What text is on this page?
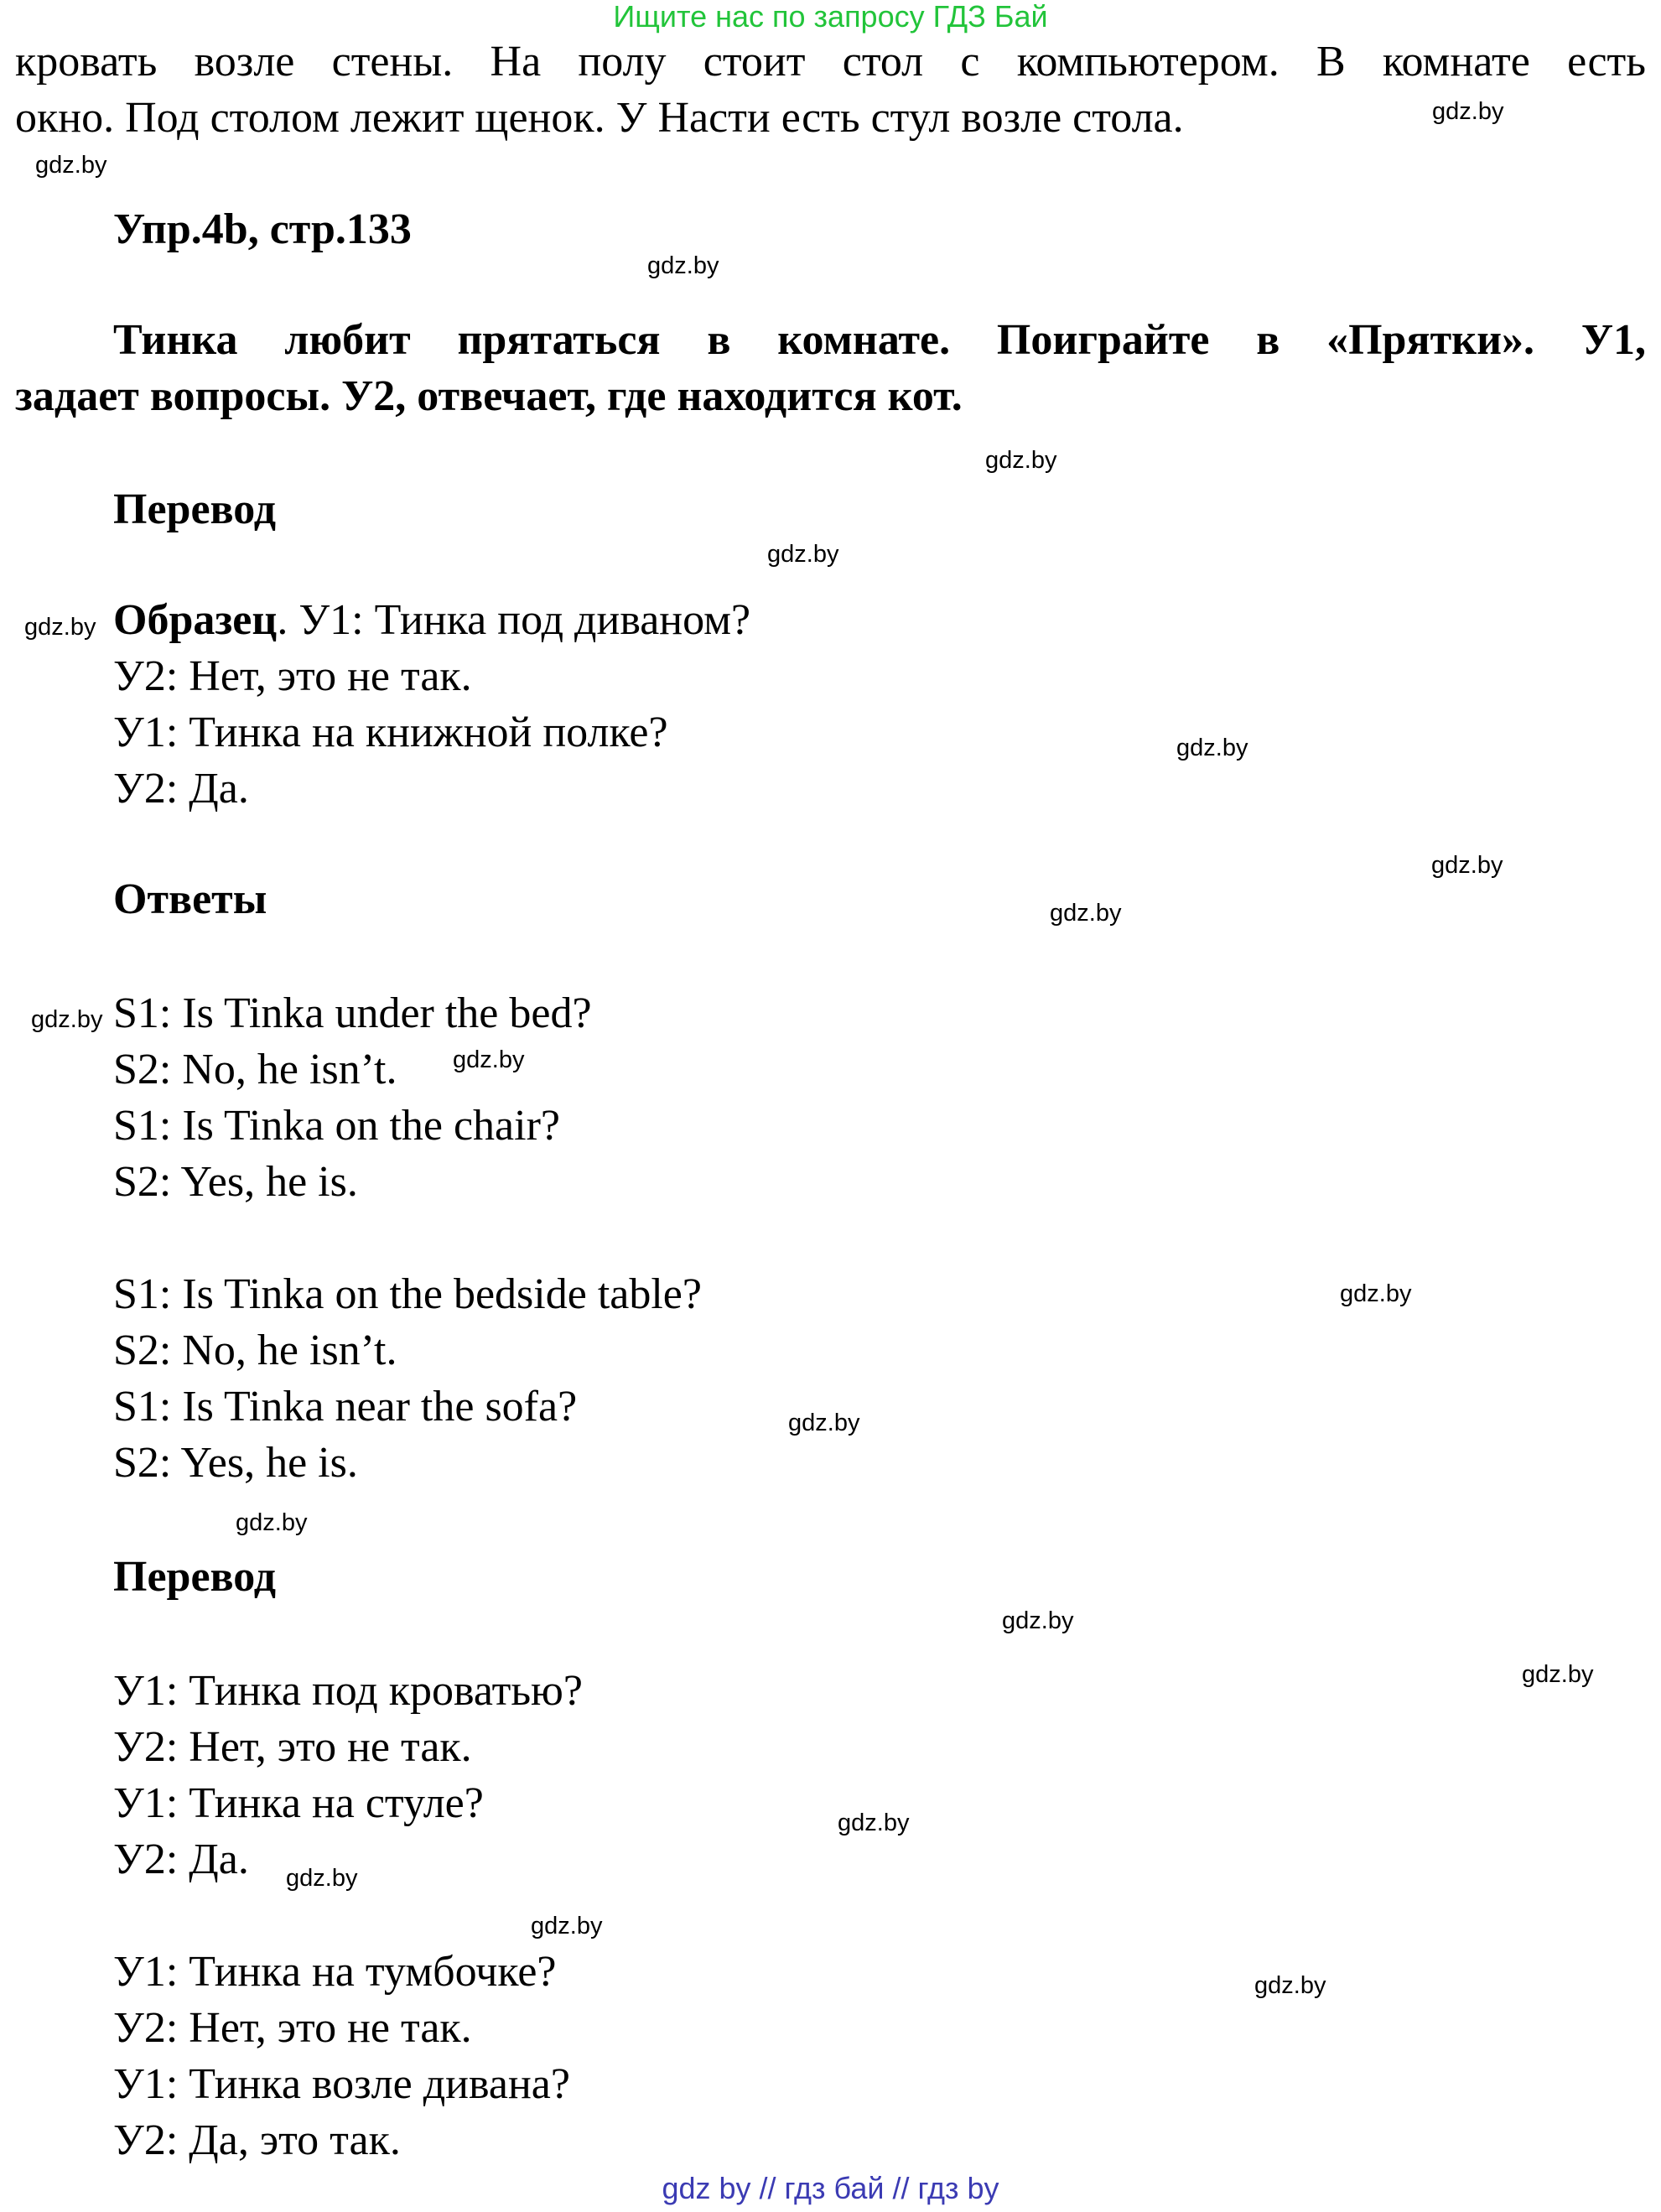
Ищите нас по запросу ГДЗ Бай
кровать возле стены. На полу стоит стол с компьютером. В комнате есть
окно. Под столом лежит щенок. У Насти есть стул возле стола.
Упр.4b, стр.133
Тинка любит прятаться в комнате. Поиграйте в «Прятки». У1,
задает вопросы. У2, отвечает, где находится кот.
Перевод
Образец. У1: Тинка под диваном?
У2: Нет, это не так.
У1: Тинка на книжной полке?
У2: Да.
Ответы
S1: Is Tinka under the bed?
S2: No, he isn’t.
S1: Is Tinka on the chair?
S2: Yes, he is.
S1: Is Tinka on the bedside table?
S2: No, he isn’t.
S1: Is Tinka near the sofa?
S2: Yes, he is.
Перевод
У1: Тинка под кроватью?
У2: Нет, это не так.
У1: Тинка на стуле?
У2: Да.
У1: Тинка на тумбочке?
У2: Нет, это не так.
У1: Тинка возле дивана?
У2: Да, это так.
gdz.by
gdz.by
gdz.by
gdz.by
gdz.by
gdz.by
gdz.by
gdz.by
gdz.by
gdz.by
gdz.by
gdz.by
gdz.by
gdz.by
gdz.by
gdz.by
gdz.by
gdz.by
gdz.by
gdz.by
gdz by // гдз бай // гдз by
